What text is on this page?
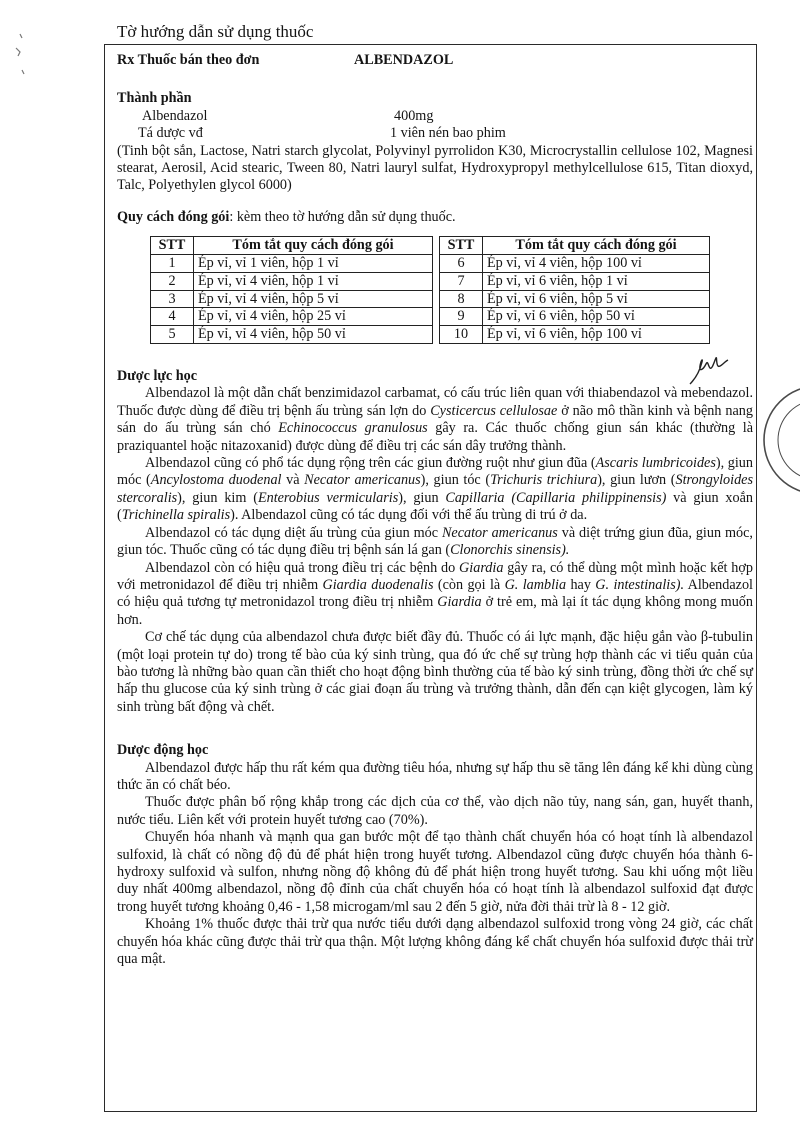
Tờ hướng dẫn sử dụng thuốc
Rx Thuốc bán theo đơn	ALBENDAZOL
Thành phần
Albendazol	400mg
Tá dược vđ	1 viên nén bao phim
(Tinh bột sắn, Lactose, Natri starch glycolat, Polyvinyl pyrrolidon K30, Microcrystallin cellulose 102, Magnesi stearat, Aerosil, Acid stearic, Tween 80, Natri lauryl sulfat, Hydroxypropyl methylcellulose 615, Titan dioxyd, Talc, Polyethylen glycol 6000)
Quy cách đóng gói: kèm theo tờ hướng dẫn sử dụng thuốc.
STT	Tóm tắt quy cách đóng gói
1	Ép vỉ, vỉ 1 viên, hộp 1 vỉ
2	Ép vỉ, vỉ 4 viên, hộp 1 vỉ
3	Ép vỉ, vỉ 4 viên, hộp 5 vỉ
4	Ép vỉ, vỉ 4 viên, hộp 25 vỉ
5	Ép vỉ, vỉ 4 viên, hộp 50 vỉ
STT	Tóm tắt quy cách đóng gói
6	Ép vỉ, vỉ 4 viên, hộp 100 vỉ
7	Ép vỉ, vỉ 6 viên, hộp 1 vỉ
8	Ép vỉ, vỉ 6 viên, hộp 5 vỉ
9	Ép vỉ, vỉ 6 viên, hộp 50 vỉ
10	Ép vỉ, vỉ 6 viên, hộp 100 vỉ
Dược lực học

Albendazol là một dẫn chất benzimidazol carbamat, có cấu trúc liên quan với thiabendazol và mebendazol. Thuốc được dùng để điều trị bệnh ấu trùng sán lợn do Cysticercus cellulosae ở não mô thần kinh và bệnh nang sán do ấu trùng sán chó Echinococcus granulosus gây ra. Các thuốc chống giun sán khác (thường là praziquantel hoặc nitazoxanid) được dùng để điều trị các sán dây trưởng thành.

Albendazol cũng có phổ tác dụng rộng trên các giun đường ruột như giun đũa (Ascaris lumbricoides), giun móc (Ancylostoma duodenal và Necator americanus), giun tóc (Trichuris trichiura), giun lươn (Strongyloides stercoralis), giun kim (Enterobius vermicularis), giun Capillaria (Capillaria philippinensis) và giun xoắn (Trichinella spiralis). Albendazol cũng có tác dụng đối với thể ấu trùng di trú ở da.

Albendazol có tác dụng diệt ấu trùng của giun móc Necator americanus và diệt trứng giun đũa, giun móc, giun tóc. Thuốc cũng có tác dụng điều trị bệnh sán lá gan (Clonorchis sinensis).

Albendazol còn có hiệu quả trong điều trị các bệnh do Giardia gây ra, có thể dùng một mình hoặc kết hợp với metronidazol để điều trị nhiễm Giardia duodenalis (còn gọi là G. lamblia hay G. intestinalis). Albendazol có hiệu quả tương tự metronidazol trong điều trị nhiễm Giardia ở trẻ em, mà lại ít tác dụng không mong muốn hơn.

Cơ chế tác dụng của albendazol chưa được biết đầy đủ. Thuốc có ái lực mạnh, đặc hiệu gắn vào β-tubulin (một loại protein tự do) trong tế bào của ký sinh trùng, qua đó ức chế sự trùng hợp thành các vi tiểu quản của bào tương là những bào quan cần thiết cho hoạt động bình thường của tế bào ký sinh trùng, đồng thời ức chế sự hấp thu glucose của ký sinh trùng ở các giai đoạn ấu trùng và trưởng thành, dẫn đến cạn kiệt glycogen, làm ký sinh trùng bất động và chết.

Dược động học

Albendazol được hấp thu rất kém qua đường tiêu hóa, nhưng sự hấp thu sẽ tăng lên đáng kể khi dùng cùng thức ăn có chất béo.

Thuốc được phân bố rộng khắp trong các dịch của cơ thể, vào dịch não tủy, nang sán, gan, huyết thanh, nước tiểu. Liên kết với protein huyết tương cao (70%).

Chuyển hóa nhanh và mạnh qua gan bước một để tạo thành chất chuyển hóa có hoạt tính là albendazol sulfoxid, là chất có nồng độ đủ để phát hiện trong huyết tương. Albendazol cũng được chuyển hóa thành 6-hydroxy sulfoxid và sulfon, nhưng nồng độ không đủ để phát hiện trong huyết tương. Sau khi uống một liều duy nhất 400mg albendazol, nồng độ đỉnh của chất chuyển hóa có hoạt tính là albendazol sulfoxid đạt được trong huyết tương khoảng 0,46 - 1,58 microgam/ml sau 2 đến 5 giờ, nửa đời thải trừ là 8 - 12 giờ.

Khoảng 1% thuốc được thải trừ qua nước tiểu dưới dạng albendazol sulfoxid trong vòng 24 giờ, các chất chuyển hóa khác cũng được thải trừ qua thận. Một lượng không đáng kể chất chuyển hóa sulfoxid được thải trừ qua mật.
